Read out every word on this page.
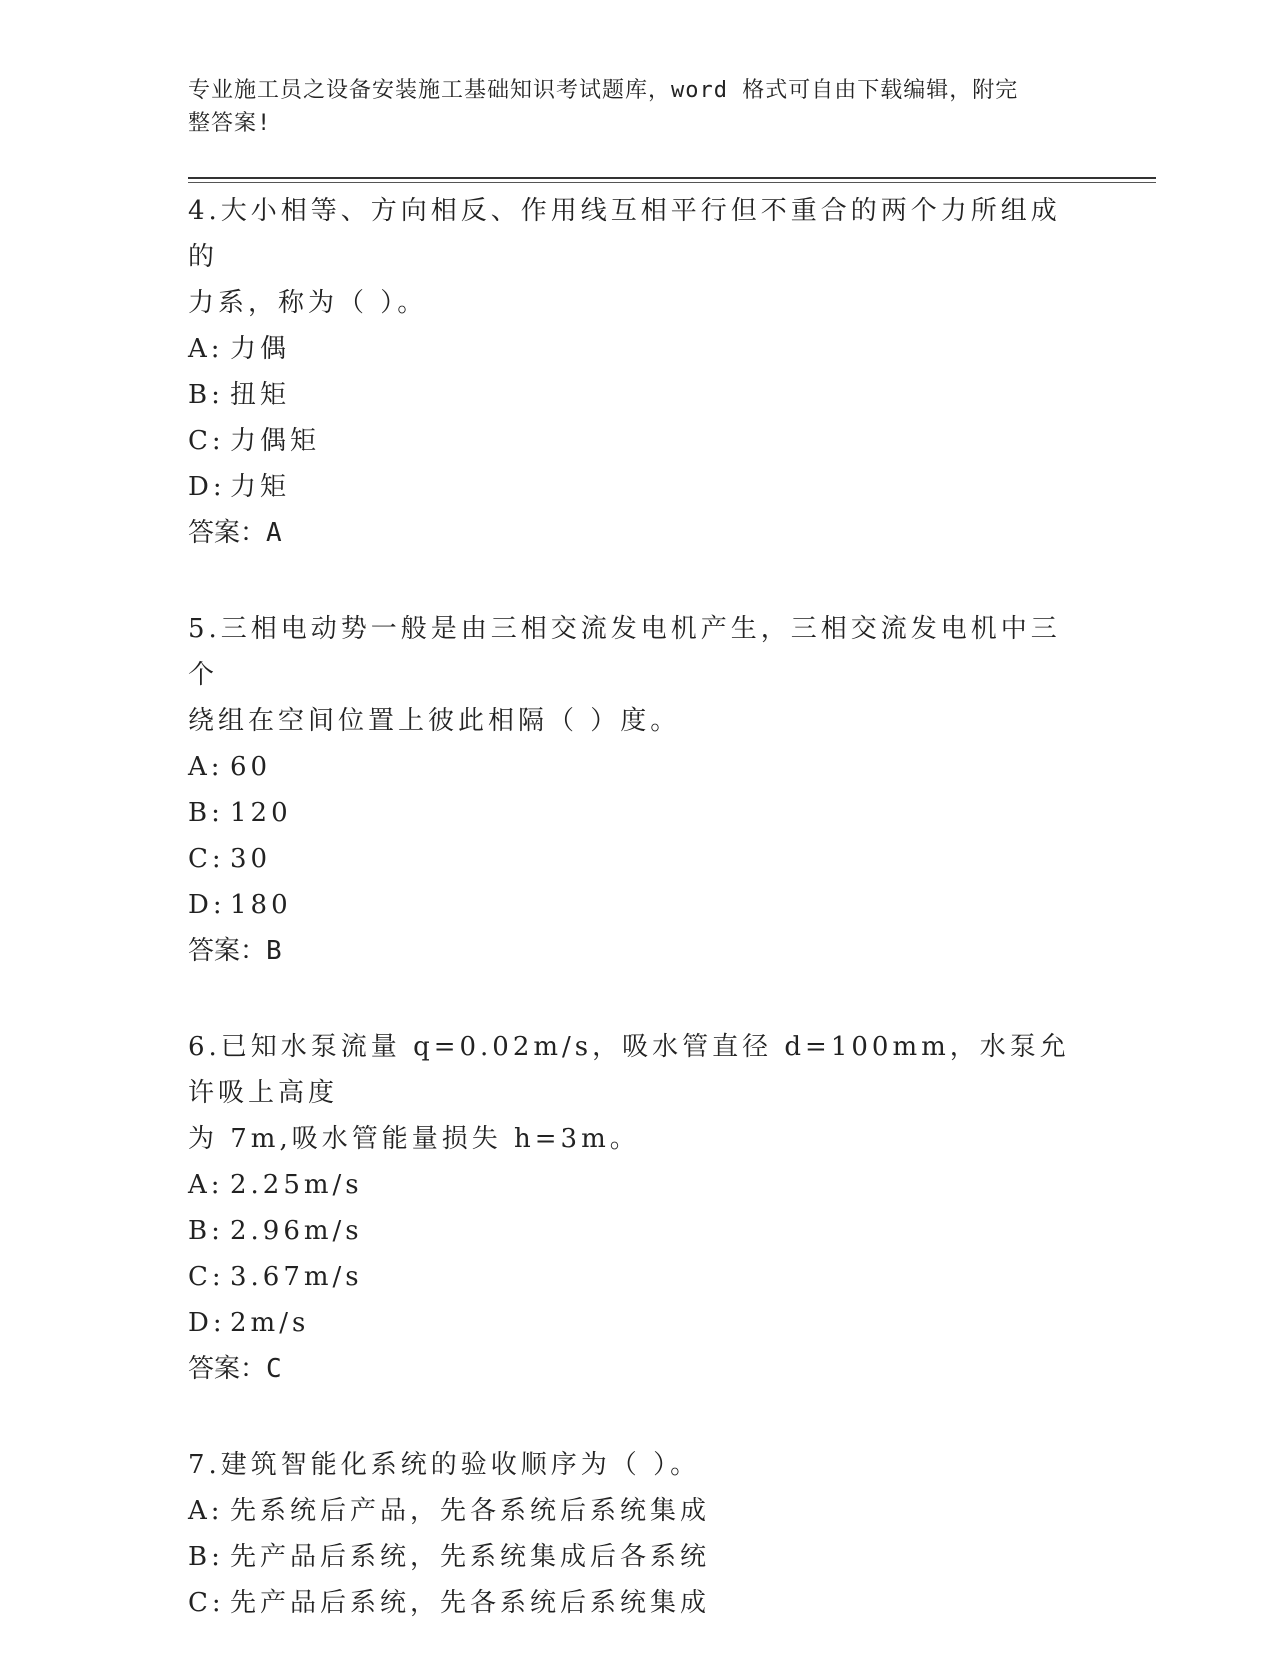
专业施工员之设备安装施工基础知识考试题库，word 格式可自由下载编辑，附完
整答案!

4.大小相等、方向相反、作用线互相平行但不重合的两个力所组成的

力系，称为（ ）。

A: 力偶

B: 扭矩

C: 力偶矩

D: 力矩

答案：A

5.三相电动势一般是由三相交流发电机产生，三相交流发电机中三个

绕组在空间位置上彼此相隔（ ）度。

A: 60

B: 120

C: 30

D: 180

答案：B

6.已知水泵流量 q=0.02m/s，吸水管直径 d=100mm，水泵允许吸上高度

为 7m,吸水管能量损失 h=3m。

A: 2.25m/s

B: 2.96m/s

C: 3.67m/s

D: 2m/s

答案：C

7.建筑智能化系统的验收顺序为（ ）。

A: 先系统后产品，先各系统后系统集成

B: 先产品后系统，先系统集成后各系统

C: 先产品后系统，先各系统后系统集成
